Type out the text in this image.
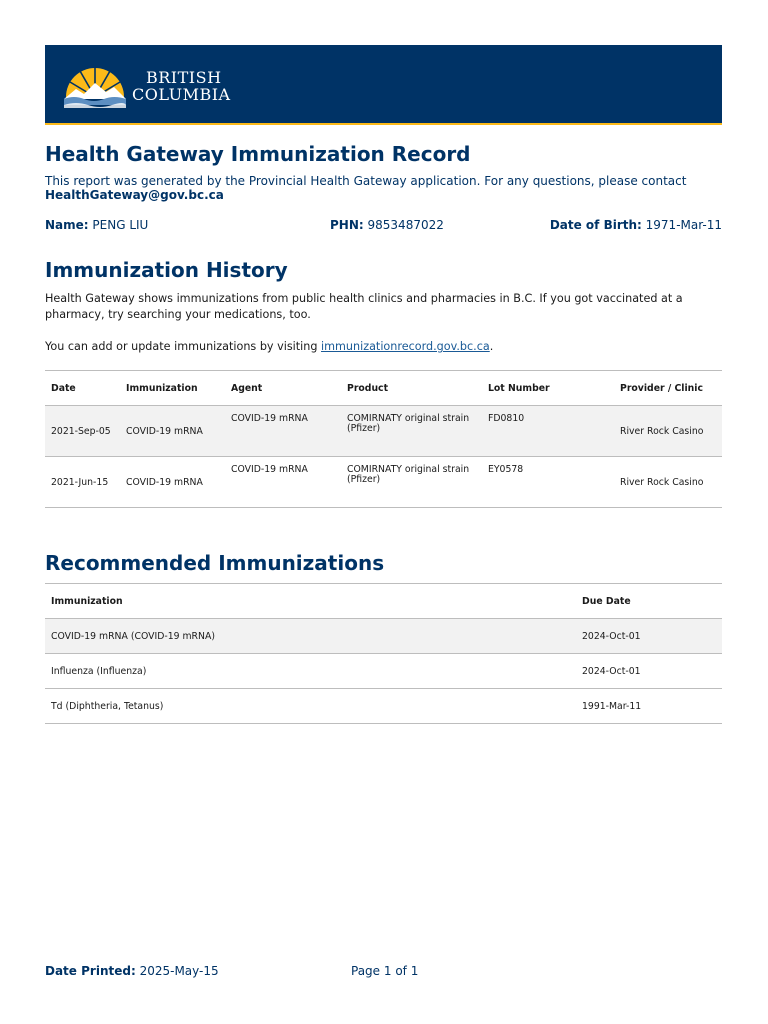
BRITISH
COLUMBIA
Health Gateway Immunization Record
This report was generated by the Provincial Health Gateway application. For any questions, please contact
HealthGateway@gov.bc.ca
Name: PENG LIU	PHN: 9853487022	Date of Birth: 1971-Mar-11
Immunization History
Health Gateway shows immunizations from public health clinics and pharmacies in B.C. If you got vaccinated at a pharmacy, try searching your medications, too.
You can add or update immunizations by visiting immunizationrecord.gov.bc.ca.
Date	Immunization	Agent	Product	Lot Number	Provider / Clinic
2021-Sep-05	COVID-19 mRNA	COVID-19 mRNA	COMIRNATY original strain (Pfizer)	FD0810	River Rock Casino
2021-Jun-15	COVID-19 mRNA	COVID-19 mRNA	COMIRNATY original strain (Pfizer)	EY0578	River Rock Casino
Recommended Immunizations
Immunization	Due Date
COVID-19 mRNA (COVID-19 mRNA)	2024-Oct-01
Influenza (Influenza)	2024-Oct-01
Td (Diphtheria, Tetanus)	1991-Mar-11
Date Printed: 2025-May-15	Page 1 of 1
